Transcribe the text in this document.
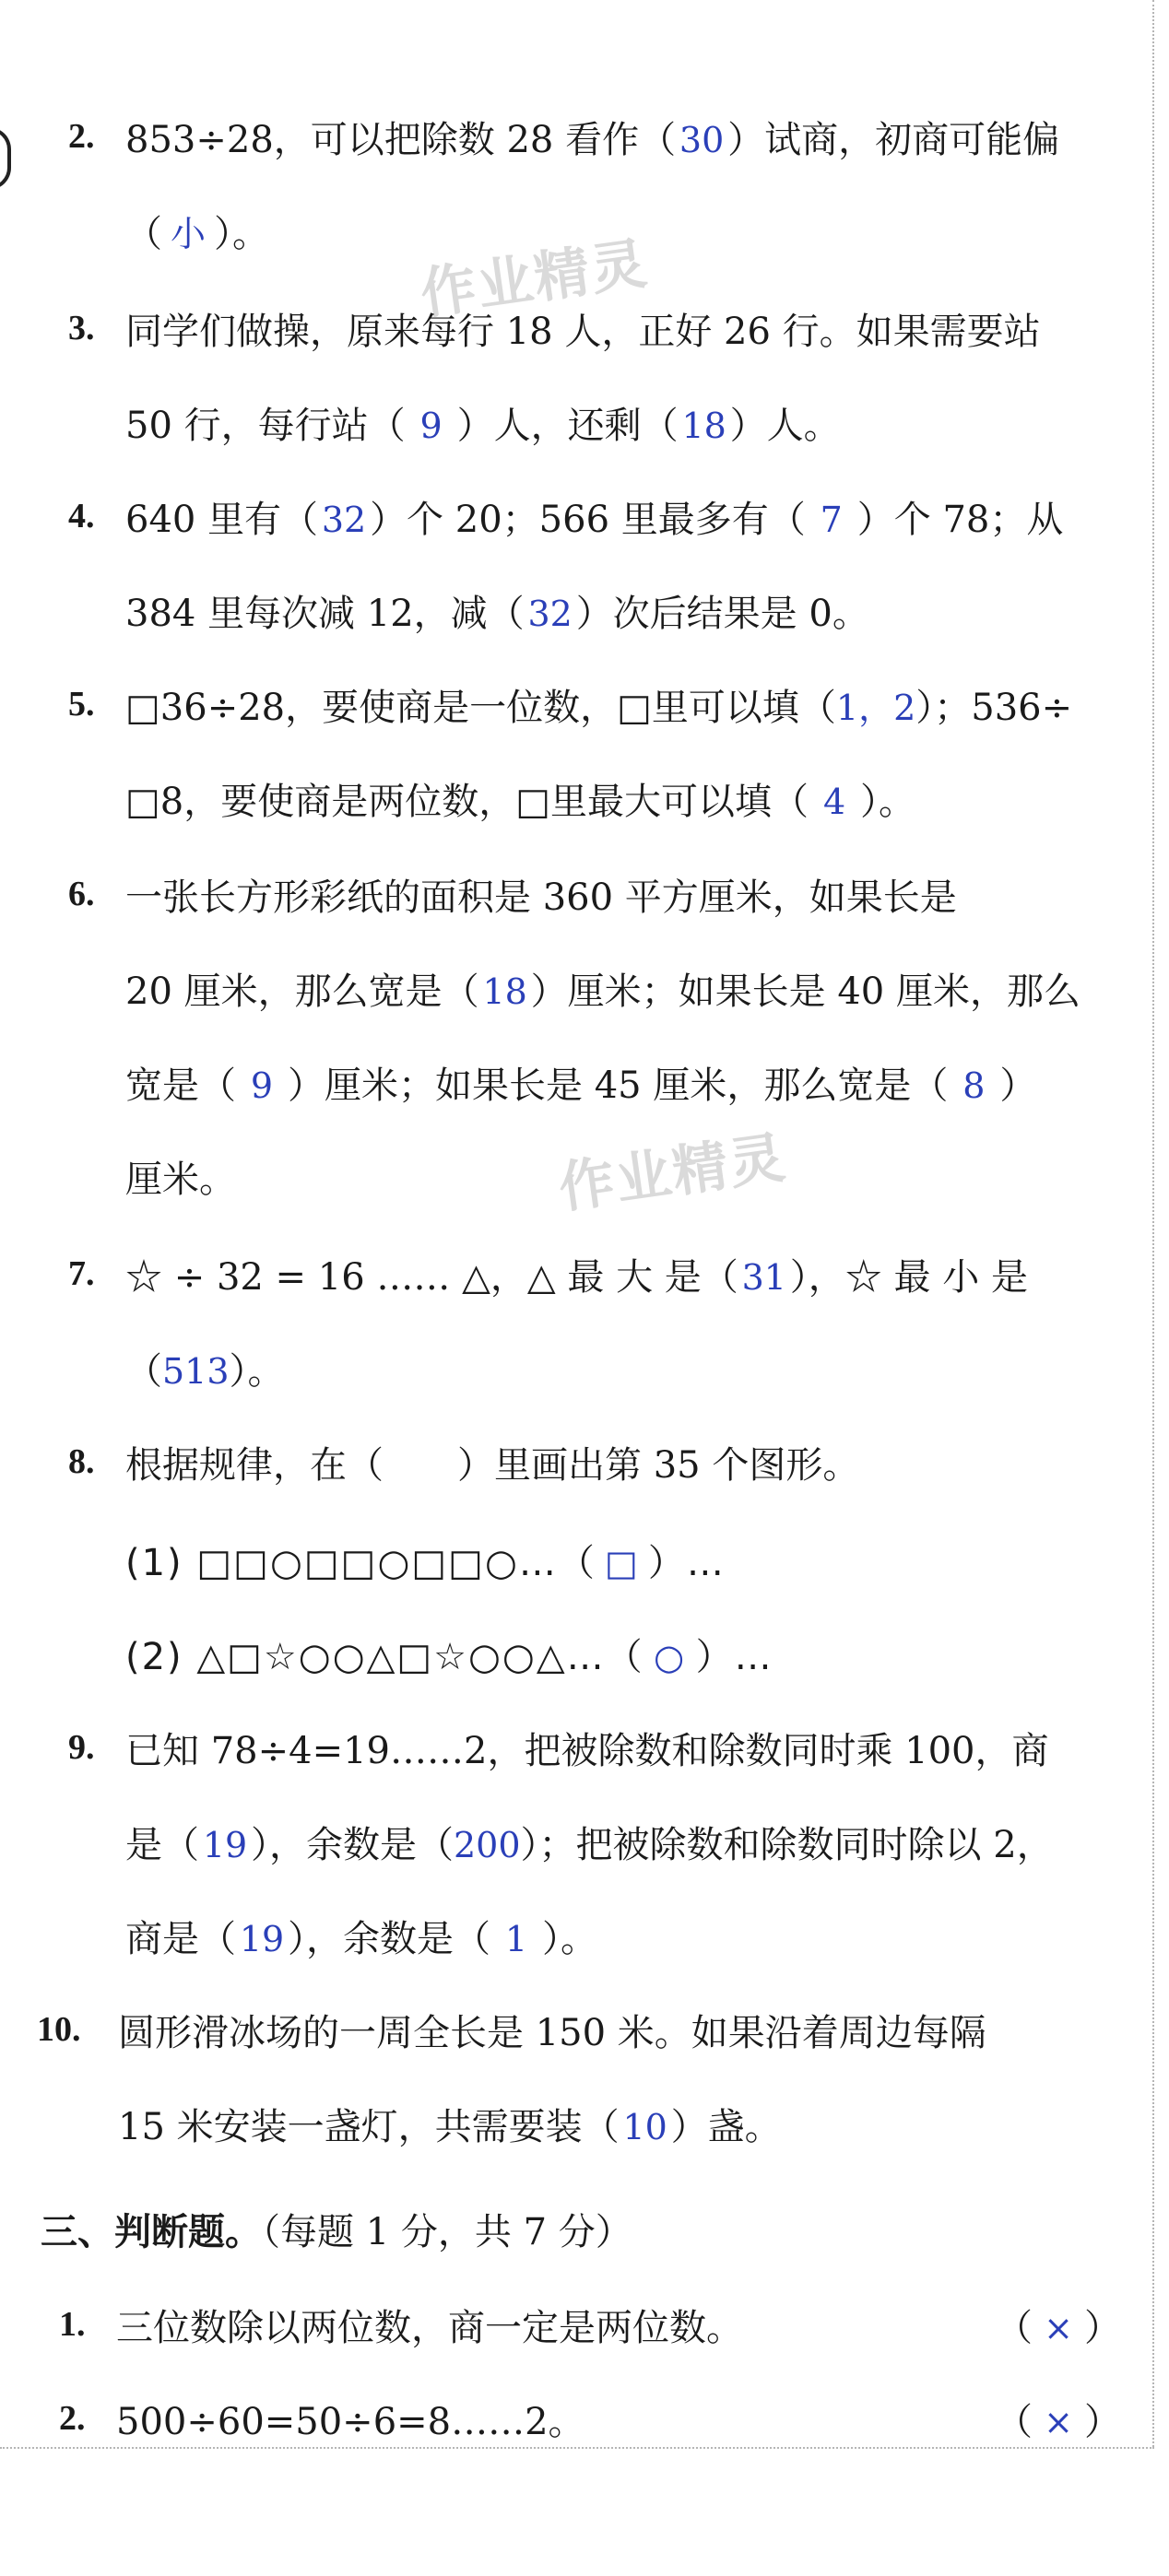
作业精灵
作业精灵
2. 853÷28，可以把除数 28 看作（ 30）试商，初商可能偏
（ 小 ）。
3. 同学们做操，原来每行 18 人，正好 26 行。如果需要站
50 行，每行站（ 9 ）人，还剩（ 18）人。
4. 640 里有（ 32）个 20；566 里最多有（ 7 ）个 78；从
384 里每次减 12，减（ 32）次后结果是 0。
5. □36÷28，要使商是一位数，□里可以填（1，2）；536÷
□8，要使商是两位数，□里最大可以填（ 4 ）。
6. 一张长方形彩纸的面积是 360 平方厘米，如果长是
20 厘米，那么宽是（ 18）厘米；如果长是 40 厘米，那么
宽是（ 9 ）厘米；如果长是 45 厘米，那么宽是（ 8 ）
厘米。
7. ☆ ÷ 32 = 16 …… △，△ 最 大 是（ 31），☆ 最 小 是
（513）。
8. 根据规律，在（　　）里画出第 35 个图形。
(1) □□○□□○□□○…（ □ ）…
(2) △□☆○○△□☆○○△…（ ○ ）…
9. 已知 78÷4=19……2，把被除数和除数同时乘 100，商
是（ 19），余数是（200）；把被除数和除数同时除以 2，
商是（ 19），余数是（ 1 ）。
10. 圆形滑冰场的一周全长是 150 米。如果沿着周边每隔
15 米安装一盏灯，共需要装（ 10）盏。
三、判断题。（每题 1 分，共 7 分）
1. 三位数除以两位数，商一定是两位数。	（ × ）
2. 500÷60=50÷6=8……2。	（ × ）
